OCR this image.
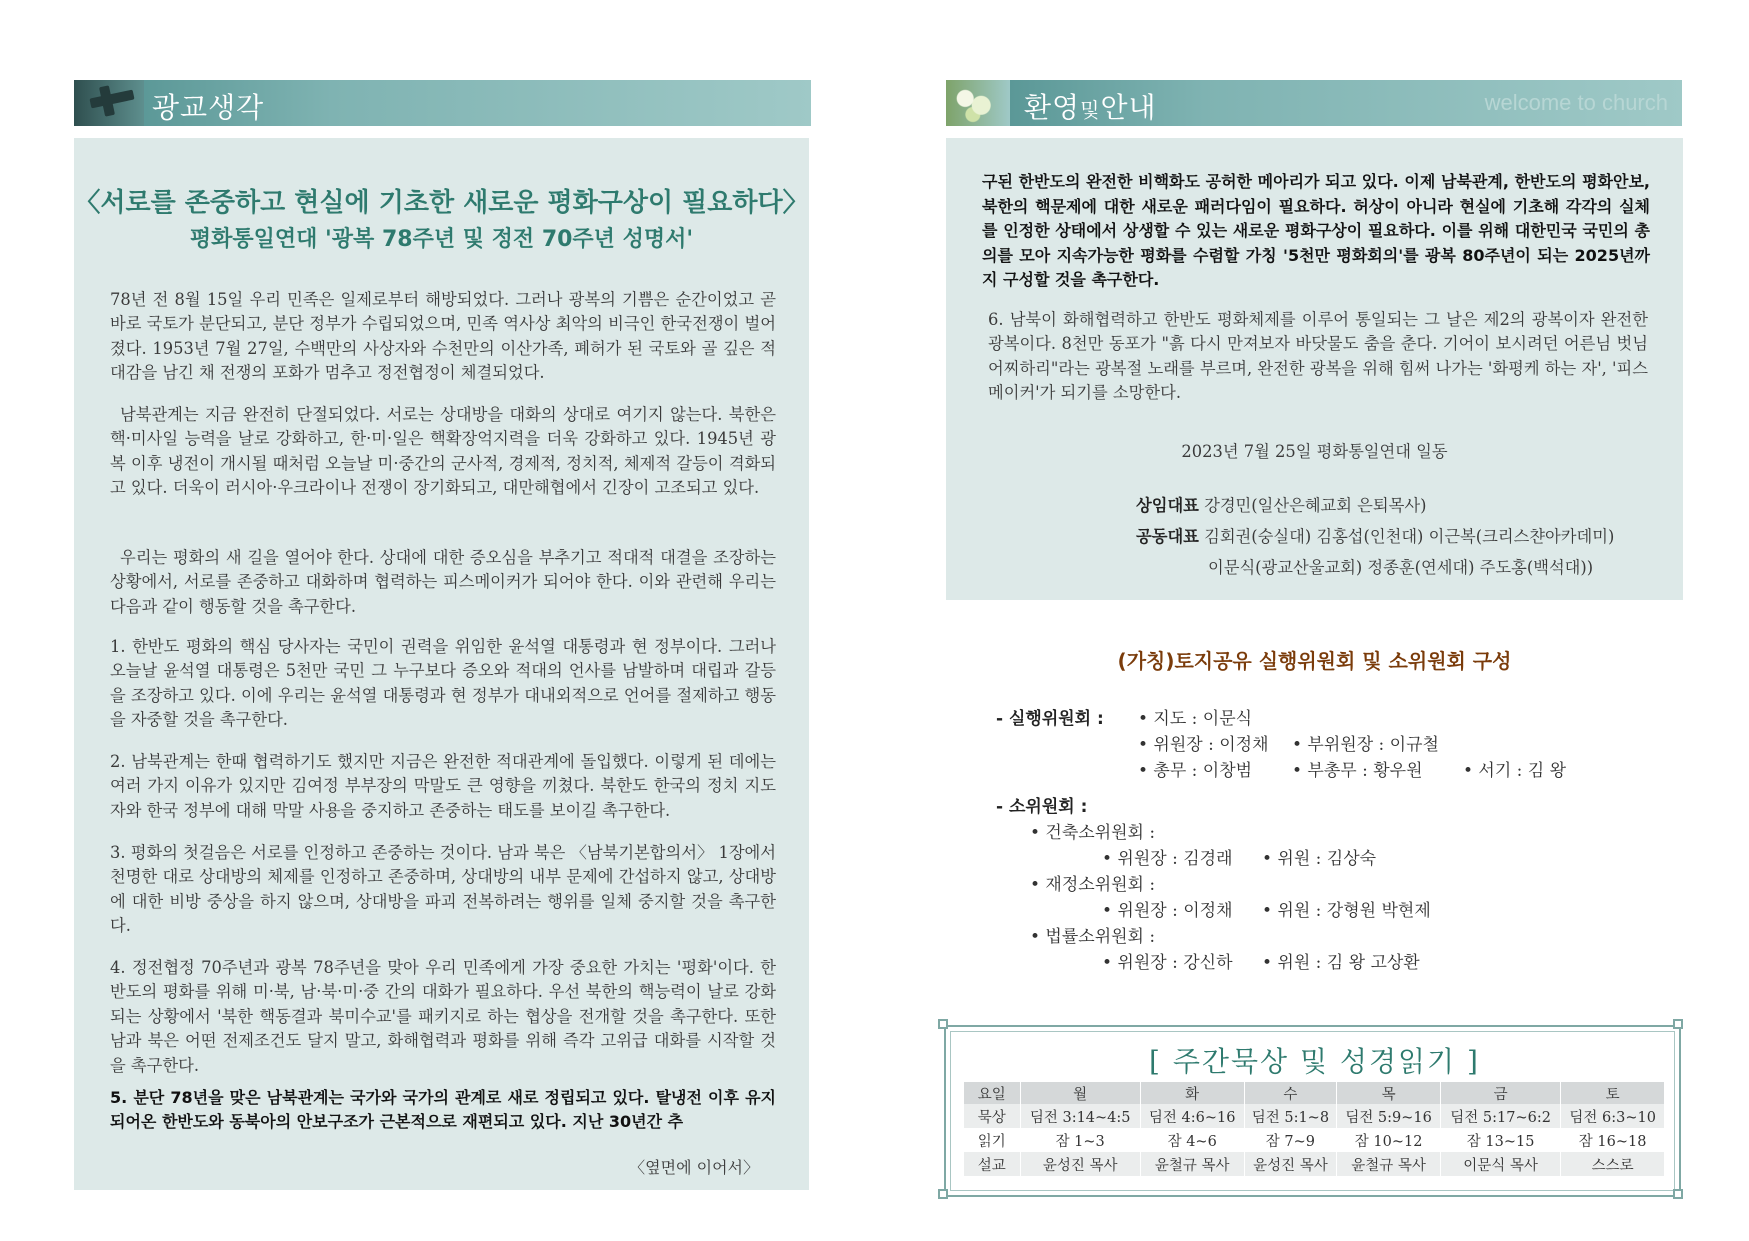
광교생각	환영및안내	welcome to church
〈서로를 존중하고 현실에 기초한 새로운 평화구상이 필요하다〉
평화통일연대 '광복 78주년 및 정전 70주년 성명서'
78년 전 8월 15일 우리 민족은 일제로부터 해방되었다. 그러나 광복의 기쁨은 순간이었고 곧 바로 국토가 분단되고, 분단 정부가 수립되었으며, 민족 역사상 최악의 비극인 한국전쟁이 벌어졌다. 1953년 7월 27일, 수백만의 사상자와 수천만의 이산가족, 폐허가 된 국토와 골 깊은 적대감을 남긴 채 전쟁의 포화가 멈추고 정전협정이 체결되었다.
남북관계는 지금 완전히 단절되었다. 서로는 상대방을 대화의 상대로 여기지 않는다. 북한은 핵·미사일 능력을 날로 강화하고, 한·미·일은 핵확장억지력을 더욱 강화하고 있다. 1945년 광복 이후 냉전이 개시될 때처럼 오늘날 미·중간의 군사적, 경제적, 정치적, 체제적 갈등이 격화되고 있다. 더욱이 러시아·우크라이나 전쟁이 장기화되고, 대만해협에서 긴장이 고조되고 있다.
우리는 평화의 새 길을 열어야 한다. 상대에 대한 증오심을 부추기고 적대적 대결을 조장하는 상황에서, 서로를 존중하고 대화하며 협력하는 피스메이커가 되어야 한다. 이와 관련해 우리는 다음과 같이 행동할 것을 촉구한다.
1. 한반도 평화의 핵심 당사자는 국민이 권력을 위임한 윤석열 대통령과 현 정부이다. 그러나 오늘날 윤석열 대통령은 5천만 국민 그 누구보다 증오와 적대의 언사를 남발하며 대립과 갈등을 조장하고 있다. 이에 우리는 윤석열 대통령과 현 정부가 대내외적으로 언어를 절제하고 행동을 자중할 것을 촉구한다.
2. 남북관계는 한때 협력하기도 했지만 지금은 완전한 적대관계에 돌입했다. 이렇게 된 데에는 여러 가지 이유가 있지만 김여정 부부장의 막말도 큰 영향을 끼쳤다. 북한도 한국의 정치 지도자와 한국 정부에 대해 막말 사용을 중지하고 존중하는 태도를 보이길 촉구한다.
3. 평화의 첫걸음은 서로를 인정하고 존중하는 것이다. 남과 북은 〈남북기본합의서〉 1장에서 천명한 대로 상대방의 체제를 인정하고 존중하며, 상대방의 내부 문제에 간섭하지 않고, 상대방에 대한 비방 중상을 하지 않으며, 상대방을 파괴 전복하려는 행위를 일체 중지할 것을 촉구한다.
4. 정전협정 70주년과 광복 78주년을 맞아 우리 민족에게 가장 중요한 가치는 '평화'이다. 한반도의 평화를 위해 미·북, 남·북·미·중 간의 대화가 필요하다. 우선 북한의 핵능력이 날로 강화되는 상황에서 '북한 핵동결과 북미수교'를 패키지로 하는 협상을 전개할 것을 촉구한다. 또한 남과 북은 어떤 전제조건도 달지 말고, 화해협력과 평화를 위해 즉각 고위급 대화를 시작할 것을 촉구한다.
5. 분단 78년을 맞은 남북관계는 국가와 국가의 관계로 새로 정립되고 있다. 탈냉전 이후 유지되어온 한반도와 동북아의 안보구조가 근본적으로 재편되고 있다. 지난 30년간 추
〈옆면에 이어서〉
구된 한반도의 완전한 비핵화도 공허한 메아리가 되고 있다. 이제 남북관계, 한반도의 평화안보, 북한의 핵문제에 대한 새로운 패러다임이 필요하다. 허상이 아니라 현실에 기초해 각각의 실체를 인정한 상태에서 상생할 수 있는 새로운 평화구상이 필요하다. 이를 위해 대한민국 국민의 총의를 모아 지속가능한 평화를 수렴할 가칭 '5천만 평화회의'를 광복 80주년이 되는 2025년까지 구성할 것을 촉구한다.
6. 남북이 화해협력하고 한반도 평화체제를 이루어 통일되는 그 날은 제2의 광복이자 완전한 광복이다. 8천만 동포가 "흙 다시 만져보자 바닷물도 춤을 춘다. 기어이 보시려던 어른님 벗님 어찌하리"라는 광복절 노래를 부르며, 완전한 광복을 위해 힘써 나가는 '화평케 하는 자', '피스 메이커'가 되기를 소망한다.
2023년 7월 25일 평화통일연대 일동
상임대표 강경민(일산은혜교회 은퇴목사)
공동대표 김회권(숭실대) 김홍섭(인천대) 이근복(크리스챤아카데미)
이문식(광교산울교회) 정종훈(연세대) 주도홍(백석대))
(가칭)토지공유 실행위원회 및 소위원회 구성
- 실행위원회 : • 지도 : 이문식
• 위원장 : 이정채 • 부위원장 : 이규철
• 총무 : 이창범 • 부총무 : 황우원 • 서기 : 김 왕
- 소위원회 :
• 건축소위원회 :
• 위원장 : 김경래 • 위원 : 김상숙
• 재정소위원회 :
• 위원장 : 이정채 • 위원 : 강형원 박현제
• 법률소위원회 :
• 위원장 : 강신하 • 위원 : 김 왕 고상환
[ 주간묵상 및 성경읽기 ]
요일	월	화	수	목	금	토
묵상	딤전 3:14~4:5	딤전 4:6~16	딤전 5:1~8	딤전 5:9~16	딤전 5:17~6:2	딤전 6:3~10
읽기	잠 1~3	잠 4~6	잠 7~9	잠 10~12	잠 13~15	잠 16~18
설교	윤성진 목사	윤철규 목사	윤성진 목사	윤철규 목사	이문식 목사	스스로
